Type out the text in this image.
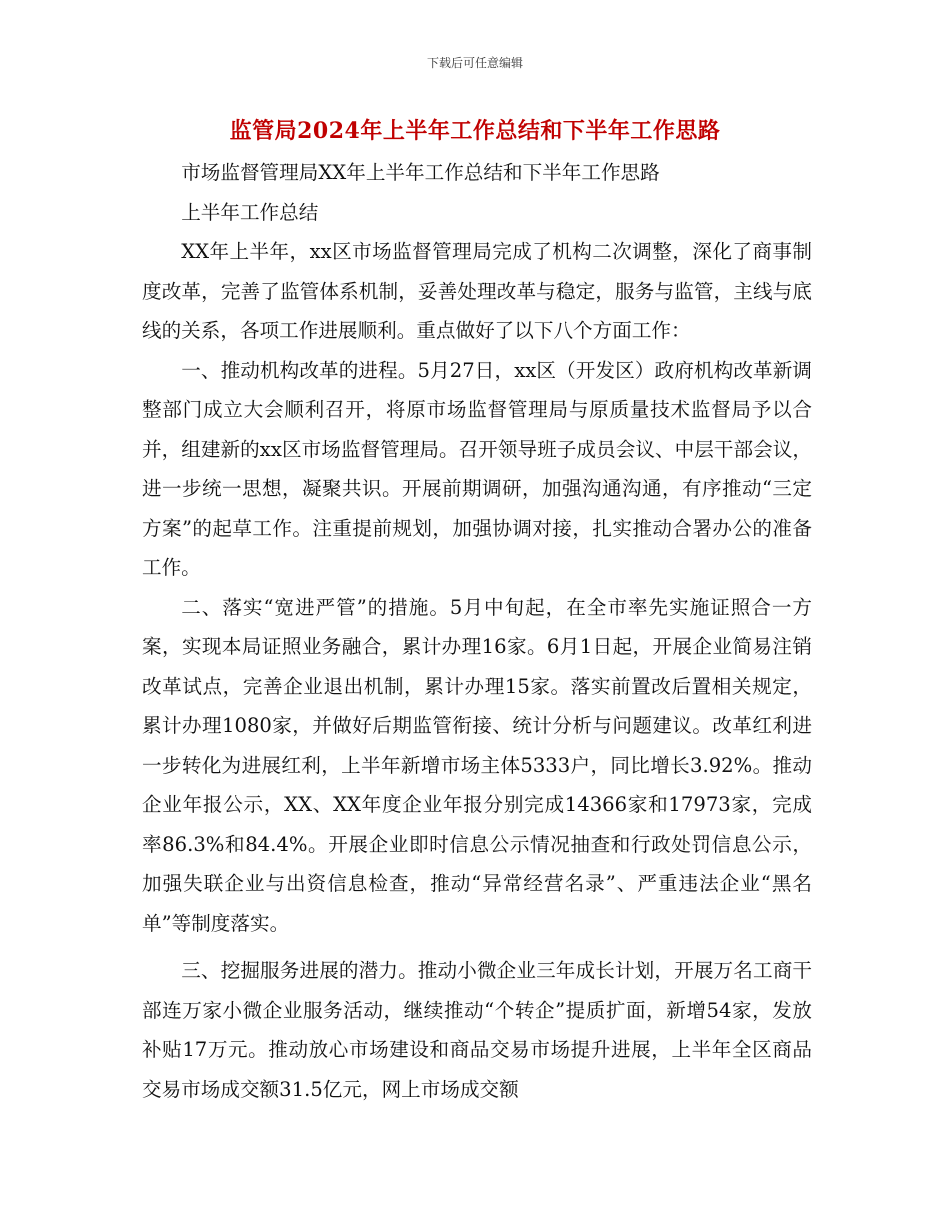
下载后可任意编辑
监管局2024年上半年工作总结和下半年工作思路

市场监督管理局XX年上半年工作总结和下半年工作思路

上半年工作总结

XX年上半年，xx区市场监督管理局完成了机构二次调整，深化了商事制度改革，完善了监管体系机制，妥善处理改革与稳定，服务与监管，主线与底线的关系，各项工作进展顺利。重点做好了以下八个方面工作：

一、推动机构改革的进程。5月27日，xx区（开发区）政府机构改革新调整部门成立大会顺利召开，将原市场监督管理局与原质量技术监督局予以合并，组建新的xx区市场监督管理局。召开领导班子成员会议、中层干部会议，进一步统一思想，凝聚共识。开展前期调研，加强沟通沟通，有序推动“三定方案”的起草工作。注重提前规划，加强协调对接，扎实推动合署办公的准备工作。

二、落实“宽进严管”的措施。5月中旬起，在全市率先实施证照合一方案，实现本局证照业务融合，累计办理16家。6月1日起，开展企业简易注销改革试点，完善企业退出机制，累计办理15家。落实前置改后置相关规定，累计办理1080家，并做好后期监管衔接、统计分析与问题建议。改革红利进一步转化为进展红利，上半年新增市场主体5333户，同比增长3.92%。推动企业年报公示，XX、XX年度企业年报分别完成14366家和17973家，完成率86.3%和84.4%。开展企业即时信息公示情况抽查和行政处罚信息公示，加强失联企业与出资信息检查，推动“异常经营名录”、严重违法企业“黑名单”等制度落实。

三、挖掘服务进展的潜力。推动小微企业三年成长计划，开展万名工商干部连万家小微企业服务活动，继续推动“个转企”提质扩面，新增54家，发放补贴17万元。推动放心市场建设和商品交易市场提升进展，上半年全区商品交易市场成交额31.5亿元，网上市场成交额
